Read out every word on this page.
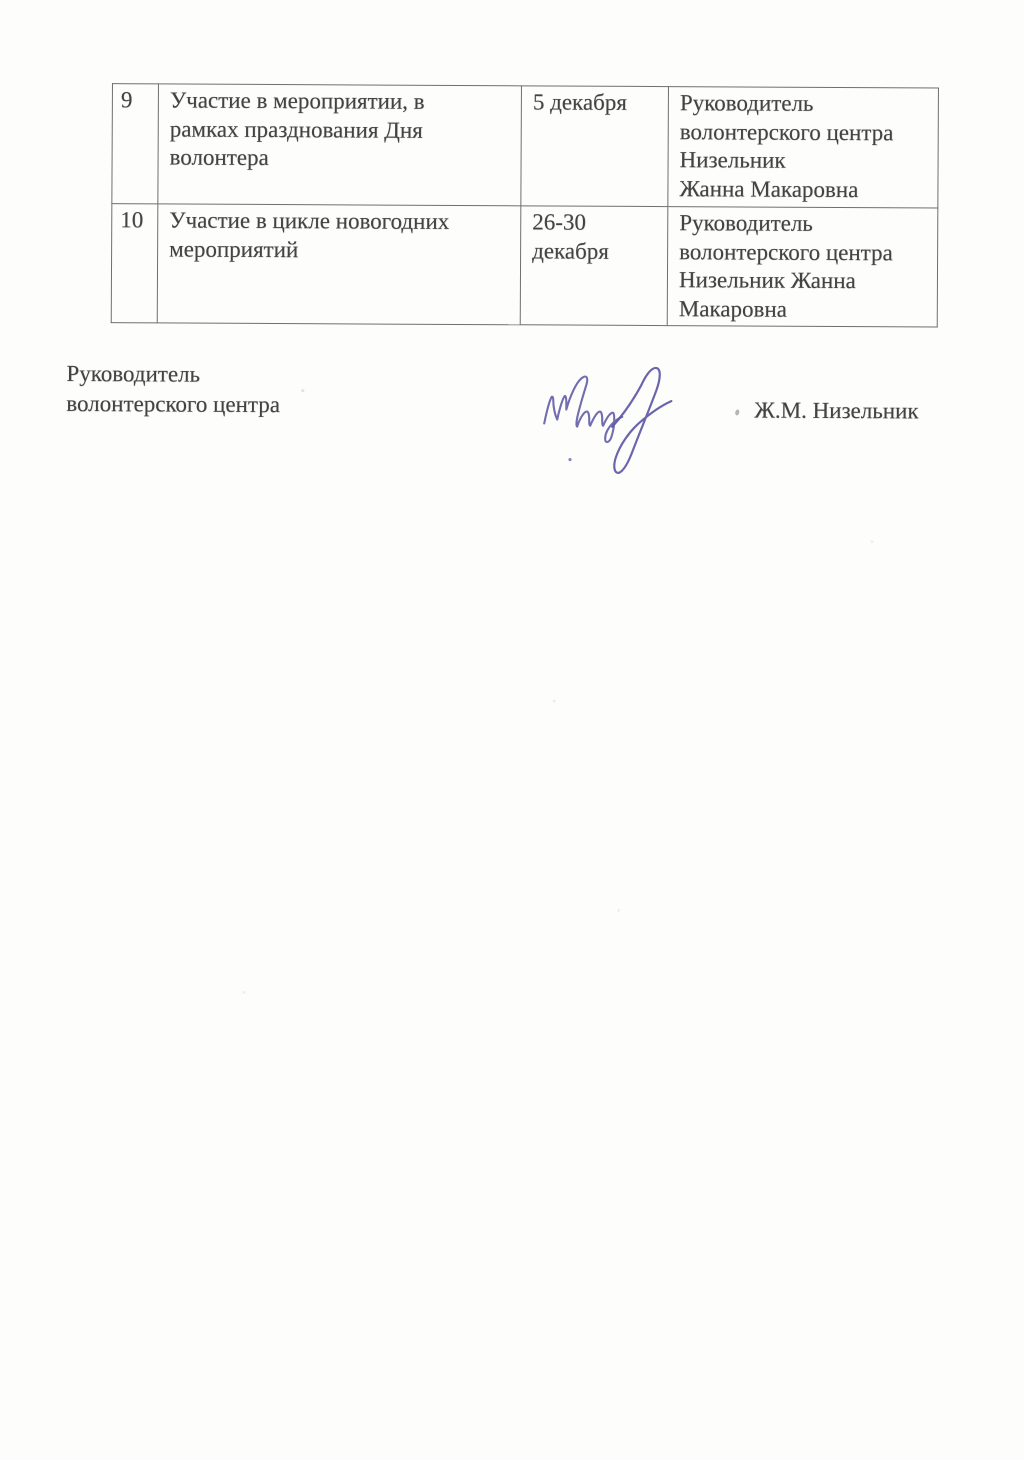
9	Участие в мероприятии, в
рамках празднования Дня
волонтера	5 декабря	Руководитель
волонтерского центра
Низельник
Жанна Макаровна
10	Участие в цикле новогодних
мероприятий	26-30
декабря	Руководитель
волонтерского центра
Низельник Жанна
Макаровна
Руководитель
волонтерского центра	Ж.М. Низельник
